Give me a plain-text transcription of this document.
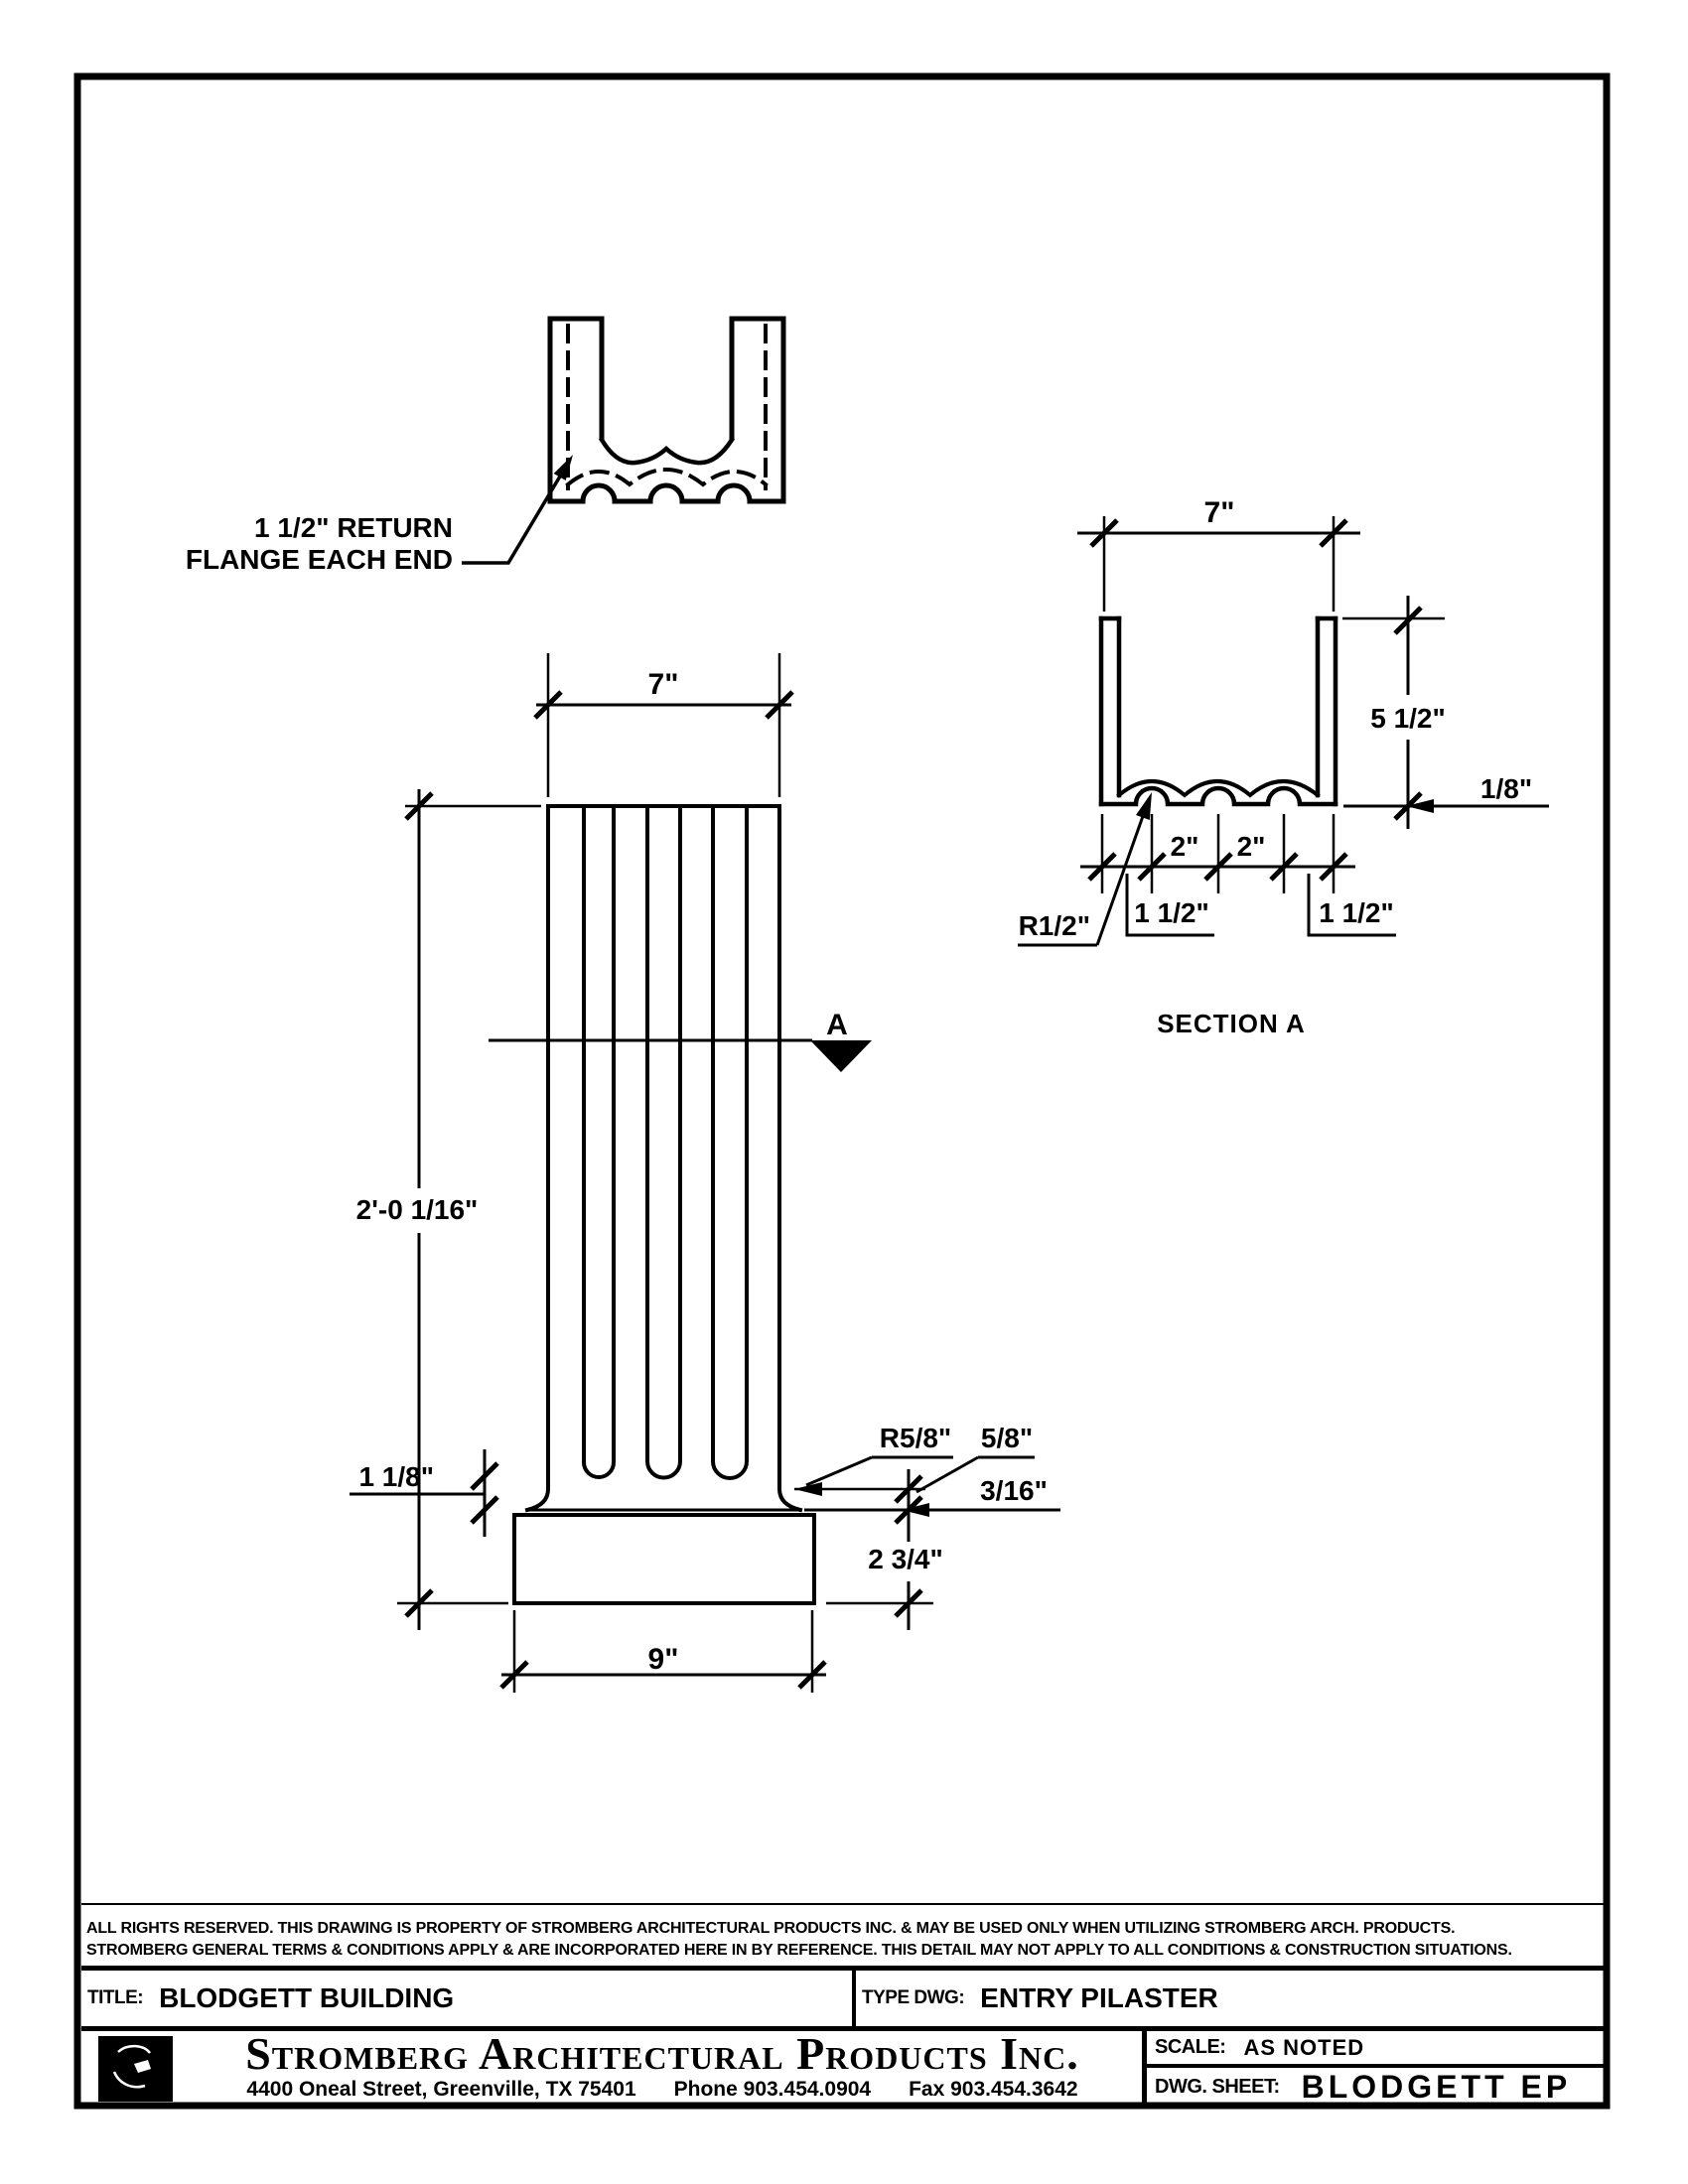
1 1/2" RETURN
FLANGE EACH END
A
7"
2'-0 1/16"
1 1/8"
R5/8" 5/8"
3/16"
2 3/4"
9"
7"
5 1/2"
1/8"
2" 2"
1 1/2"	1 1/2"
R1/2"
SECTION A
ALL RIGHTS RESERVED. THIS DRAWING IS PROPERTY OF STROMBERG ARCHITECTURAL PRODUCTS INC. & MAY BE USED ONLY WHEN UTILIZING STROMBERG ARCH. PRODUCTS.
STROMBERG GENERAL TERMS & CONDITIONS APPLY & ARE INCORPORATED HERE IN BY REFERENCE. THIS DETAIL MAY NOT APPLY TO ALL CONDITIONS & CONSTRUCTION SITUATIONS.
TITLE: BLODGETT BUILDING	TYPE DWG: ENTRY PILASTER
Stromberg Architectural Products Inc.
4400 Oneal Street, Greenville, TX 75401 Phone 903.454.0904 Fax 903.454.3642
SCALE: AS NOTED
DWG. SHEET: BLODGETT EP
